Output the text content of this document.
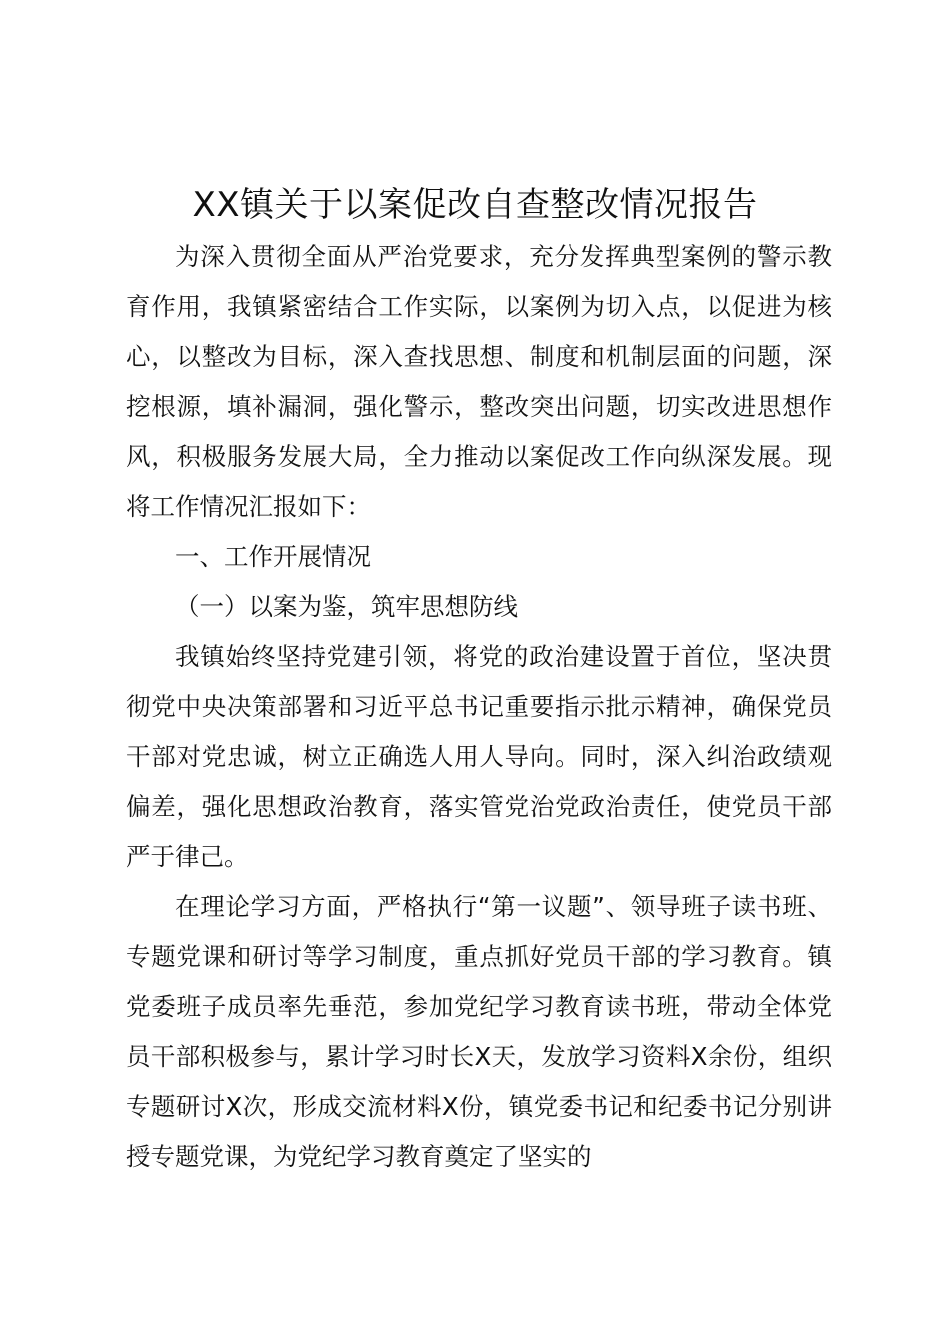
XX镇关于以案促改自查整改情况报告

为深入贯彻全面从严治党要求，充分发挥典型案例的警示教育作用，我镇紧密结合工作实际，以案例为切入点，以促进为核心，以整改为目标，深入查找思想、制度和机制层面的问题，深挖根源，填补漏洞，强化警示，整改突出问题，切实改进思想作风，积极服务发展大局，全力推动以案促改工作向纵深发展。现将工作情况汇报如下：

一、工作开展情况

（一）以案为鉴，筑牢思想防线

我镇始终坚持党建引领，将党的政治建设置于首位，坚决贯彻党中央决策部署和习近平总书记重要指示批示精神，确保党员干部对党忠诚，树立正确选人用人导向。同时，深入纠治政绩观偏差，强化思想政治教育，落实管党治党政治责任，使党员干部严于律己。

在理论学习方面，严格执行“第一议题”、领导班子读书班、专题党课和研讨等学习制度，重点抓好党员干部的学习教育。镇党委班子成员率先垂范，参加党纪学习教育读书班，带动全体党员干部积极参与，累计学习时长X天，发放学习资料X余份，组织专题研讨X次，形成交流材料X份，镇党委书记和纪委书记分别讲授专题党课，为党纪学习教育奠定了坚实的
